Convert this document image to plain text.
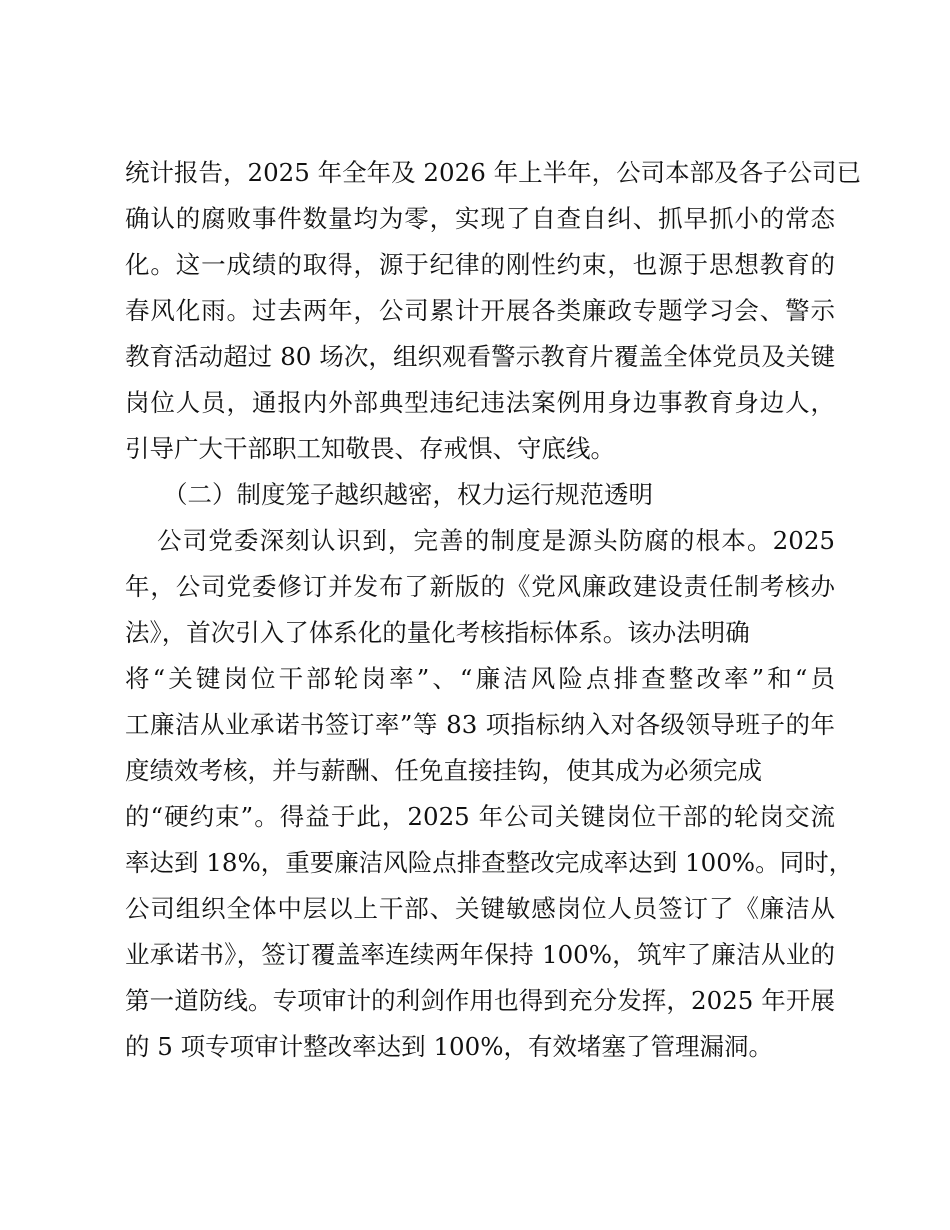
统计报告，2025 年全年及 2026 年上半年，公司本部及各子公司已
确认的腐败事件数量均为零，实现了自查自纠、抓早抓小的常态
化。这一成绩的取得，源于纪律的刚性约束，也源于思想教育的
春风化雨。过去两年，公司累计开展各类廉政专题学习会、警示
教育活动超过 80 场次，组织观看警示教育片覆盖全体党员及关键
岗位人员，通报内外部典型违纪违法案例用身边事教育身边人，
引导广大干部职工知敬畏、存戒惧、守底线。
（二）制度笼子越织越密，权力运行规范透明
公司党委深刻认识到，完善的制度是源头防腐的根本。2025
年，公司党委修订并发布了新版的《党风廉政建设责任制考核办
法》，首次引入了体系化的量化考核指标体系。该办法明确
将“关键岗位干部轮岗率”、“廉洁风险点排查整改率”和“员
工廉洁从业承诺书签订率”等 83 项指标纳入对各级领导班子的年
度绩效考核，并与薪酬、任免直接挂钩，使其成为必须完成
的“硬约束”。得益于此，2025 年公司关键岗位干部的轮岗交流
率达到 18%，重要廉洁风险点排查整改完成率达到 100%。同时，
公司组织全体中层以上干部、关键敏感岗位人员签订了《廉洁从
业承诺书》，签订覆盖率连续两年保持 100%，筑牢了廉洁从业的
第一道防线。专项审计的利剑作用也得到充分发挥，2025 年开展
的 5 项专项审计整改率达到 100%，有效堵塞了管理漏洞。
